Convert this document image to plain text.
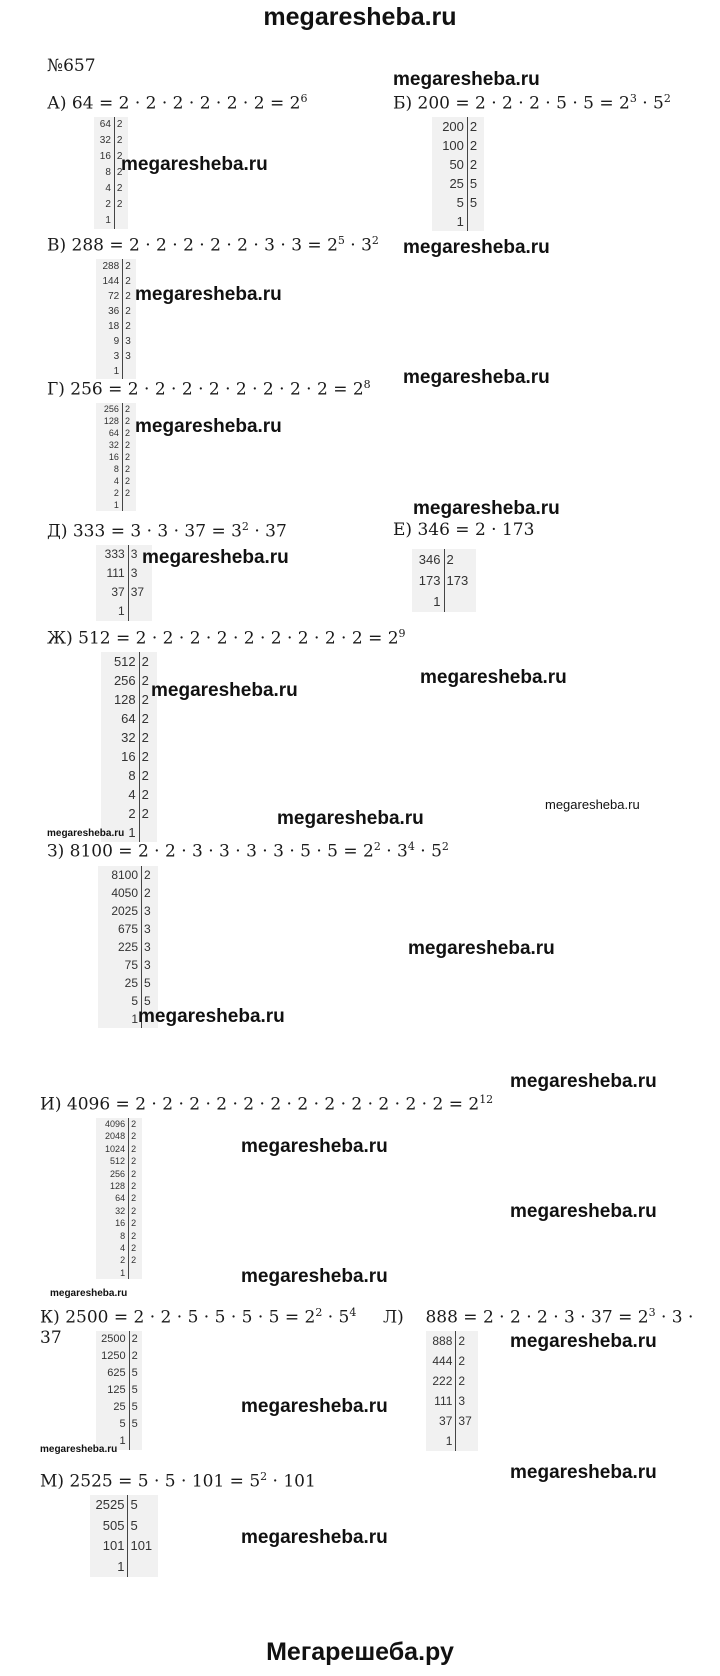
megaresheba.ru
Мегарешеба.ру
№657
А) $64 = 2 \cdot 2 \cdot 2 \cdot 2 \cdot 2 \cdot 2 = 2^6$	Б) $200 = 2 \cdot 2 \cdot 2 \cdot 5 \cdot 5 = 2^3 \cdot 5^2$
В) $288 = 2 \cdot 2 \cdot 2 \cdot 2 \cdot 2 \cdot 3 \cdot 3 = 2^5 \cdot 3^2$
Г) $256 = 2 \cdot 2 \cdot 2 \cdot 2 \cdot 2 \cdot 2 \cdot 2 \cdot 2 = 2^8$
Д) $333 = 3 \cdot 3 \cdot 37 = 3^2 \cdot 37$	Е) 346 = 2 · 173
Ж) $512 = 2 \cdot 2 \cdot 2 \cdot 2 \cdot 2 \cdot 2 \cdot 2 \cdot 2 \cdot 2 = 2^9$
З) $8100 = 2 \cdot 2 \cdot 3 \cdot 3 \cdot 3 \cdot 3 \cdot 5 \cdot 5 = 2^2 \cdot 3^4 \cdot 5^2$
И) $4096 = 2 \cdot 2 \cdot 2 \cdot 2 \cdot 2 \cdot 2 \cdot 2 \cdot 2 \cdot 2 \cdot 2 \cdot 2 \cdot 2 = 2^{12}$
К) $2500 = 2 \cdot 2 \cdot 5 \cdot 5 \cdot 5 \cdot 5 = 2^2 \cdot 5^4$ Л) $888 = 2 \cdot 2 \cdot 2 \cdot 3 \cdot 37 = 2^3 \cdot 3$ ·
37
М) $2525 = 5 \cdot 5 \cdot 101 = 5^2 \cdot 101$
64	2
32	2
16	2
8	2
4	2
2	2
1	
200	2
100	2
50	2
25	5
5	5
1	
288	2
144	2
72	2
36	2
18	2
9	3
3	3
1	
256	2
128	2
64	2
32	2
16	2
8	2
4	2
2	2
1	
333	3
111	3
37	37
1	
346	2
173	173
1	
512	2
256	2
128	2
64	2
32	2
16	2
8	2
4	2
2	2
1	
8100	2
4050	2
2025	3
675	3
225	3
75	3
25	5
5	5
1	
4096	2
2048	2
1024	2
512	2
256	2
128	2
64	2
32	2
16	2
8	2
4	2
2	2
1	
2500	2
1250	2
625	5
125	5
25	5
5	5
1	
888	2
444	2
222	2
111	3
37	37
1	
2525	5
505	5
101	101
1	
megaresheba.ru
megaresheba.ru
megaresheba.ru
megaresheba.ru
megaresheba.ru
megaresheba.ru
megaresheba.ru
megaresheba.ru
megaresheba.ru
megaresheba.ru
megaresheba.ru
megaresheba.ru
megaresheba.ru
megaresheba.ru
megaresheba.ru
megaresheba.ru
megaresheba.ru
megaresheba.ru
megaresheba.ru
megaresheba.ru
megaresheba.ru
megaresheba.ru
megaresheba.ru
megaresheba.ru
megaresheba.ru
